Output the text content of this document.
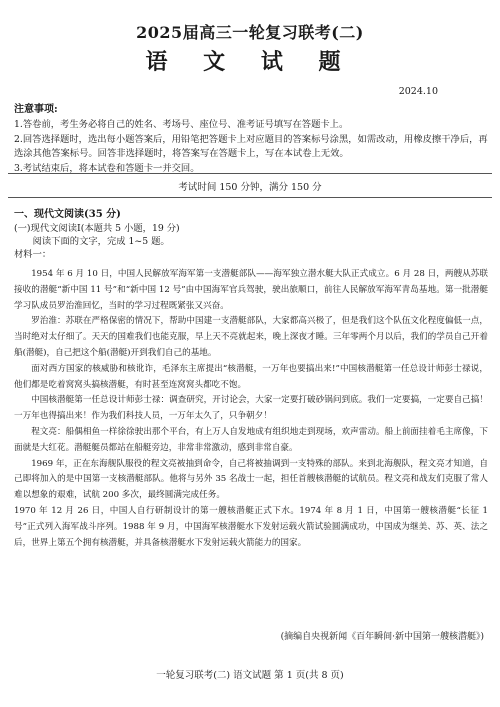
2025届高三一轮复习联考(二)
语 文 试 题
2024.10
注意事项:

1.答卷前，考生务必将自己的姓名、考场号、座位号、准考证号填写在答题卡上。

2.回答选择题时，选出每小题答案后，用铅笔把答题卡上对应题目的答案标号涂黑，如需改动，用橡皮擦干净后，再选涂其他答案标号。回答非选择题时，将答案写在答题卡上，写在本试卷上无效。

3.考试结束后，将本试卷和答题卡一并交回。

考试时间 150 分钟，满分 150 分
一、现代文阅读(35 分)

(一)现代文阅读Ⅰ(本题共 5 小题，19 分)

阅读下面的文字，完成 1~5 题。

材料一：

1954 年 6 月 10 日，中国人民解放军海军第一支潜艇部队——海军独立潜水艇大队正式成立。6 月 28 日，两艘从苏联接收的潜艇“新中国 11 号”和“新中国 12 号”由中国海军官兵驾驶，驶出旅顺口，前往人民解放军海军青岛基地。第一批潜艇学习队成员罗治淮回忆，当时的学习过程既紧张又兴奋。

罗治淮：苏联在严格保密的情况下，帮助中国建一支潜艇部队，大家都高兴极了，但是我们这个队伍文化程度偏低一点，当时绝对太仔细了。天天的国难我们也能克服，早上天不亮就起来，晚上深夜才睡。三年零两个月以后，我们的学员自己开着船(潜艇)，自己把这个船(潜艇)开到我们自己的基地。

面对西方国家的核威胁和核讹诈，毛泽东主席提出“核潜艇，一万年也要搞出来!”中国核潜艇第一任总设计师彭士禄说，他们都是吃着窝窝头搞核潜艇，有时甚至连窝窝头都吃不饱。

中国核潜艇第一任总设计师彭士禄：调查研究，开讨论会，大家一定要打破砂锅问到底。我们一定要搞，一定要自己搞！一万年也得搞出来！作为我们科技人员，一万年太久了，只争朝夕！

程文亮：船偶相鱼一样徐徐驶出那个平台，有上万人自发地成有组织地走到现场，欢声雷动。船上前面挂着毛主席像，下面就是大红花。潜艇艇员都站在船艇旁边，非常非常激动，感到非常自豪。

1969 年，正在东海舰队服役的程文亮被抽到命令，自己将被抽调到一支特殊的部队。来到北海舰队，程文亮才知道，自己即将加入的是中国第一支核潜艇部队。他将与另外 35 名战士一起，担任首艘核潜艇的试航员。程文亮和战友们克服了常人难以想象的艰难，试航 200 多次，最终圆满完成任务。

1970 年 12 月 26 日，中国人自行研制设计的第一艘核潜艇正式下水。1974 年 8 月 1 日，中国第一艘核潜艇“长征 1 号”正式列入海军战斗序列。1988 年 9 月，中国海军核潜艇水下发射运载火箭试验圆满成功，中国成为继美、苏、英、法之后，世界上第五个拥有核潜艇，并具备核潜艇水下发射运载火箭能力的国家。

(摘编自央视新闻《百年瞬间·新中国第一艘核潜艇》)
一轮复习联考(二) 语文试题 第 1 页(共 8 页)
